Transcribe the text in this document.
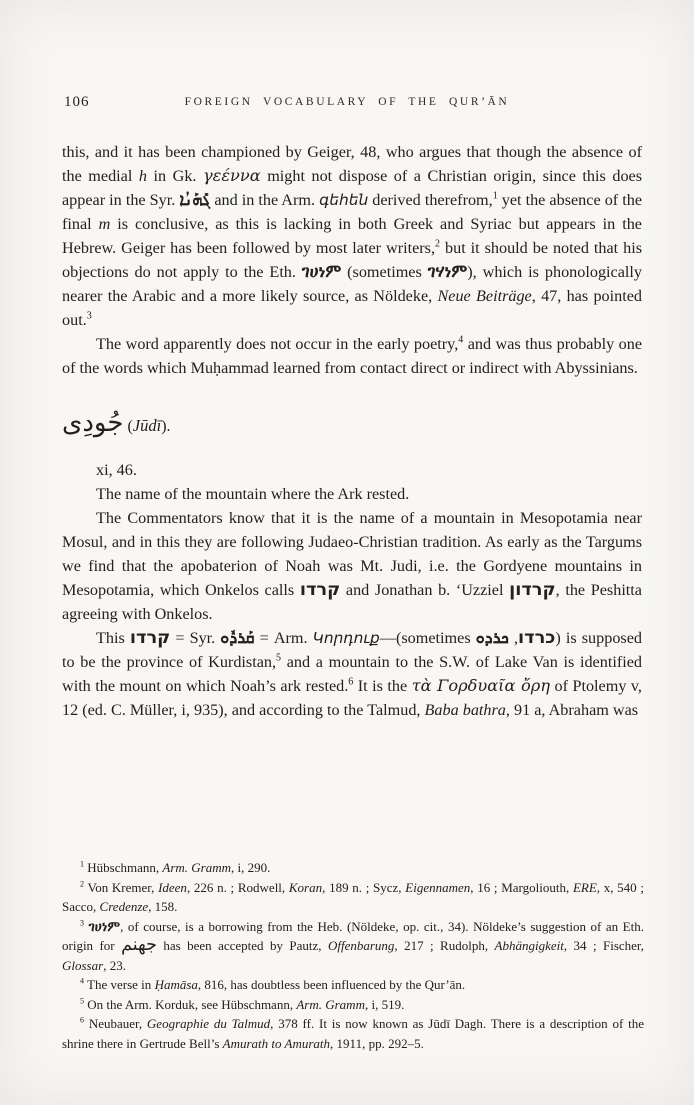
106	FOREIGN VOCABULARY OF THE QUR’ĀN

this, and it has been championed by Geiger, 48, who argues that though the absence of the medial h in Gk. γεέννα might not dispose of a Christian origin, since this does appear in the Syr. ܓܺܗܰܢܳܐ and in the Arm. գեհեն derived therefrom,$^1$ yet the absence of the final m is conclusive, as this is lacking in both Greek and Syriac but appears in the Hebrew. Geiger has been followed by most later writers,$^2$ but it should be noted that his objections do not apply to the Eth. ገሀነም (sometimes ገሃነም), which is phonologically nearer the Arabic and a more likely source, as Nöldeke, Neue Beiträge, 47, has pointed out.$^3$

The word apparently does not occur in the early poetry,$^4$ and was thus probably one of the words which Muḥammad learned from contact direct or indirect with Abyssinians.

جُودِى (Jūdī).

xi, 46.

The name of the mountain where the Ark rested.

The Commentators know that it is the name of a mountain in Mesopotamia near Mosul, and in this they are following Judaeo-Christian tradition. As early as the Targums we find that the apobaterion of Noah was Mt. Judi, i.e. the Gordyene mountains in Mesopotamia, which Onkelos calls קרדו and Jonathan b. ‘Uzziel קרדון, the Peshitta agreeing with Onkelos.

This קרדו = Syr. ܩܰܪܕܽܘ = Arm. Կորդուք—(sometimes כרדו, ܟܪܕܘ	) is supposed to be the province of Kurdistan,$^5$ and a mountain to the S.W. of Lake Van is identified with the mount on which Noah’s ark rested.$^6$ It is the τὰ Γορδυαῖα ὄρη of Ptolemy v, 12 (ed. C. Müller, i, 935), and according to the Talmud, Baba bathra, 91 a, Abraham was

$^1$ Hübschmann, Arm. Gramm, i, 290.

$^2$ Von Kremer, Ideen, 226 n. ; Rodwell, Koran, 189 n. ; Sycz, Eigennamen, 16 ; Margoliouth, ERE, x, 540 ; Sacco, Credenze, 158.

$^3$ ገሀነም, of course, is a borrowing from the Heb. (Nöldeke, op. cit., 34). Nöldeke’s suggestion of an Eth. origin for جهنم has been accepted by Pautz, Offenbarung, 217 ; Rudolph, Abhängigkeit, 34 ; Fischer, Glossar, 23.

$^4$ The verse in Ḥamāsa, 816, has doubtless been influenced by the Qur’ān.

$^5$ On the Arm. Korduk, see Hübschmann, Arm. Gramm, i, 519.

$^6$ Neubauer, Geographie du Talmud, 378 ff. It is now known as Jūdī Dagh. There is a description of the shrine there in Gertrude Bell’s Amurath to Amurath, 1911, pp. 292–5.
